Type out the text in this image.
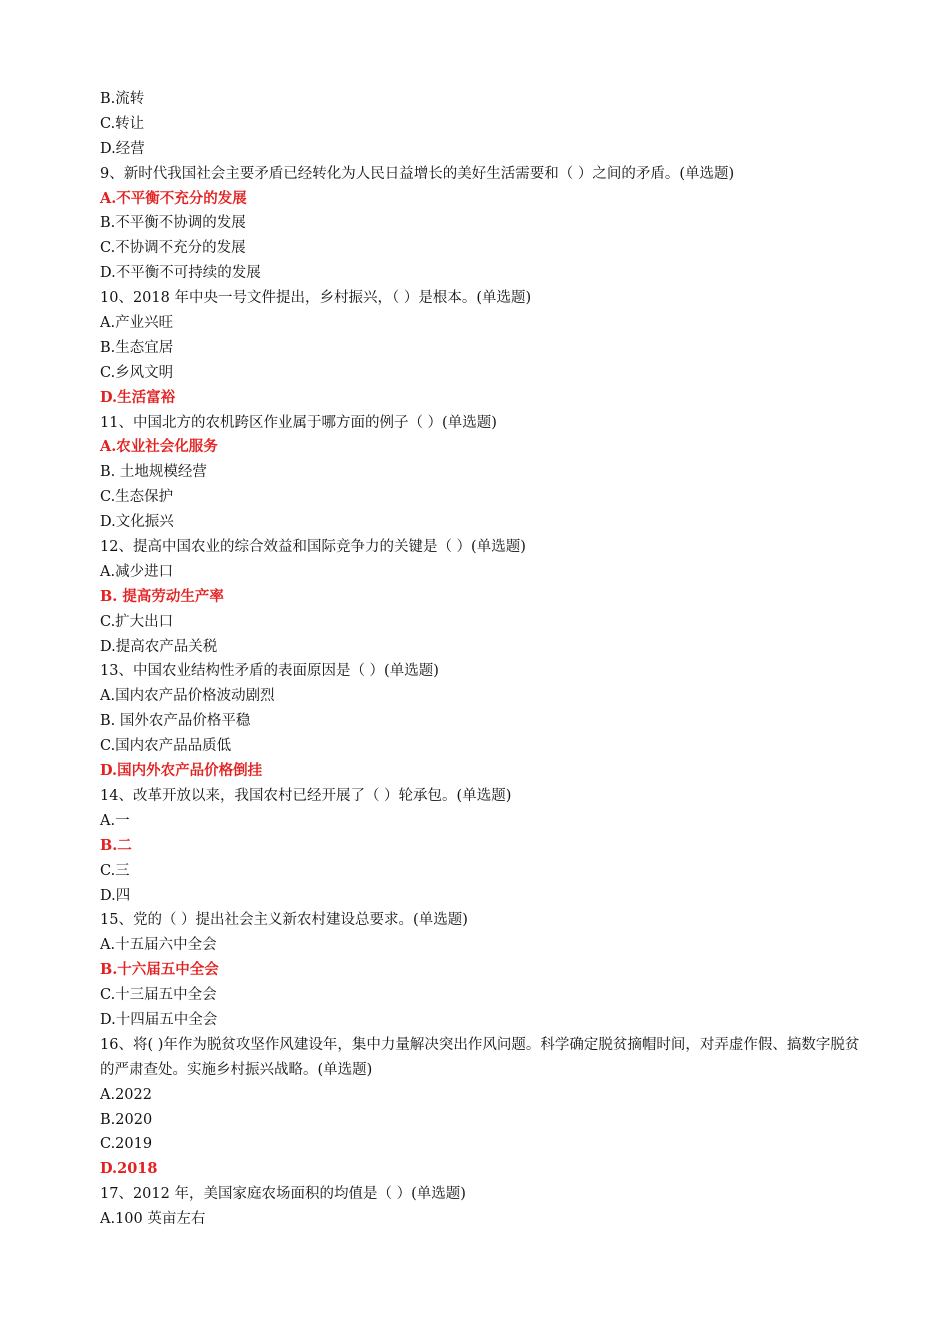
B.流转
C.转让
D.经营
9、新时代我国社会主要矛盾已经转化为人民日益增长的美好生活需要和（ ）之间的矛盾。(单选题)
A.不平衡不充分的发展
B.不平衡不协调的发展
C.不协调不充分的发展
D.不平衡不可持续的发展
10、2018 年中央一号文件提出，乡村振兴，（ ）是根本。(单选题)
A.产业兴旺
B.生态宜居
C.乡风文明
D.生活富裕
11、中国北方的农机跨区作业属于哪方面的例子（ ）(单选题)
A.农业社会化服务
B. 土地规模经营
C.生态保护
D.文化振兴
12、提高中国农业的综合效益和国际竞争力的关键是（ ）(单选题)
A.减少进口
B. 提高劳动生产率
C.扩大出口
D.提高农产品关税
13、中国农业结构性矛盾的表面原因是（ ）(单选题)
A.国内农产品价格波动剧烈
B. 国外农产品价格平稳
C.国内农产品品质低
D.国内外农产品价格倒挂
14、改革开放以来，我国农村已经开展了（ ）轮承包。(单选题)
A.一
B.二
C.三
D.四
15、党的（ ）提出社会主义新农村建设总要求。(单选题)
A.十五届六中全会
B.十六届五中全会
C.十三届五中全会
D.十四届五中全会
16、将( )年作为脱贫攻坚作风建设年，集中力量解决突出作风问题。科学确定脱贫摘帽时间，对弄虚作假、搞数字脱贫的严肃查处。实施乡村振兴战略。(单选题)
A.2022
B.2020
C.2019
D.2018
17、2012 年，美国家庭农场面积的均值是（ ）(单选题)
A.100 英亩左右
